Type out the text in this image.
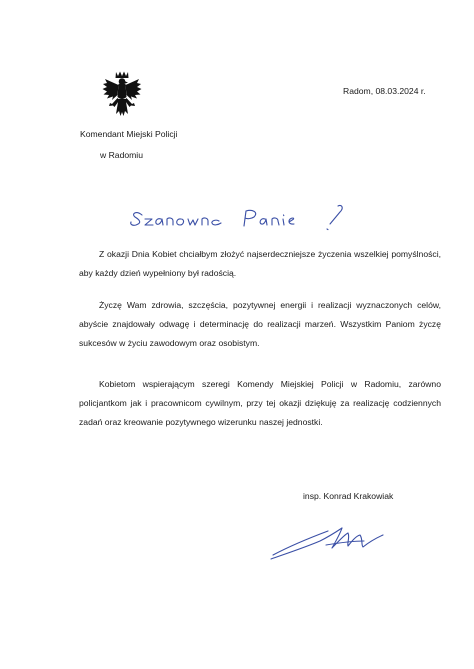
Radom, 08.03.2024 r.
Komendant Miejski Policji
w Radomiu

Z okazji Dnia Kobiet chciałbym złożyć najserdeczniejsze życzenia wszelkiej pomyślności, aby każdy dzień wypełniony był radością.

Życzę Wam zdrowia, szczęścia, pozytywnej energii i realizacji wyznaczonych celów, abyście znajdowały odwagę i determinację do realizacji marzeń. Wszystkim Paniom życzę sukcesów w życiu zawodowym oraz osobistym.

Kobietom wspierającym szeregi Komendy Miejskiej Policji w Radomiu, zarówno policjantkom jak i pracownicom cywilnym, przy tej okazji dziękuję za realizację codziennych zadań oraz kreowanie pozytywnego wizerunku naszej jednostki.

insp. Konrad Krakowiak
